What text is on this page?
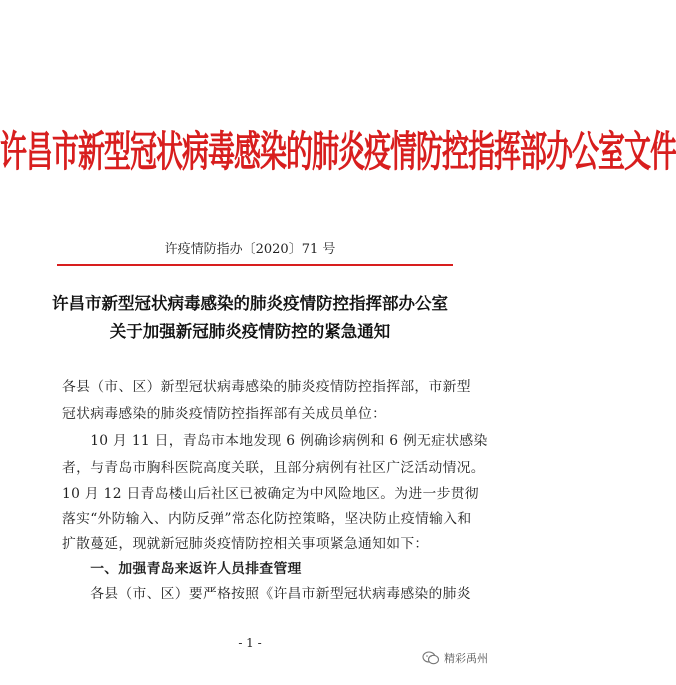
许昌市新型冠状病毒感染的肺炎疫情防控指挥部办公室文件
许疫情防指办〔2020〕71 号
许昌市新型冠状病毒感染的肺炎疫情防控指挥部办公室
关于加强新冠肺炎疫情防控的紧急通知
各县（市、区）新型冠状病毒感染的肺炎疫情防控指挥部，市新型
冠状病毒感染的肺炎疫情防控指挥部有关成员单位：
　　10 月 11 日，青岛市本地发现 6 例确诊病例和 6 例无症状感染
者，与青岛市胸科医院高度关联，且部分病例有社区广泛活动情况。
10 月 12 日青岛楼山后社区已被确定为中风险地区。为进一步贯彻
落实“外防输入、内防反弹”常态化防控策略，坚决防止疫情输入和
扩散蔓延，现就新冠肺炎疫情防控相关事项紧急通知如下：
　　一、加强青岛来返许人员排查管理
　　各县（市、区）要严格按照《许昌市新型冠状病毒感染的肺炎
- 1 -
精彩禹州
